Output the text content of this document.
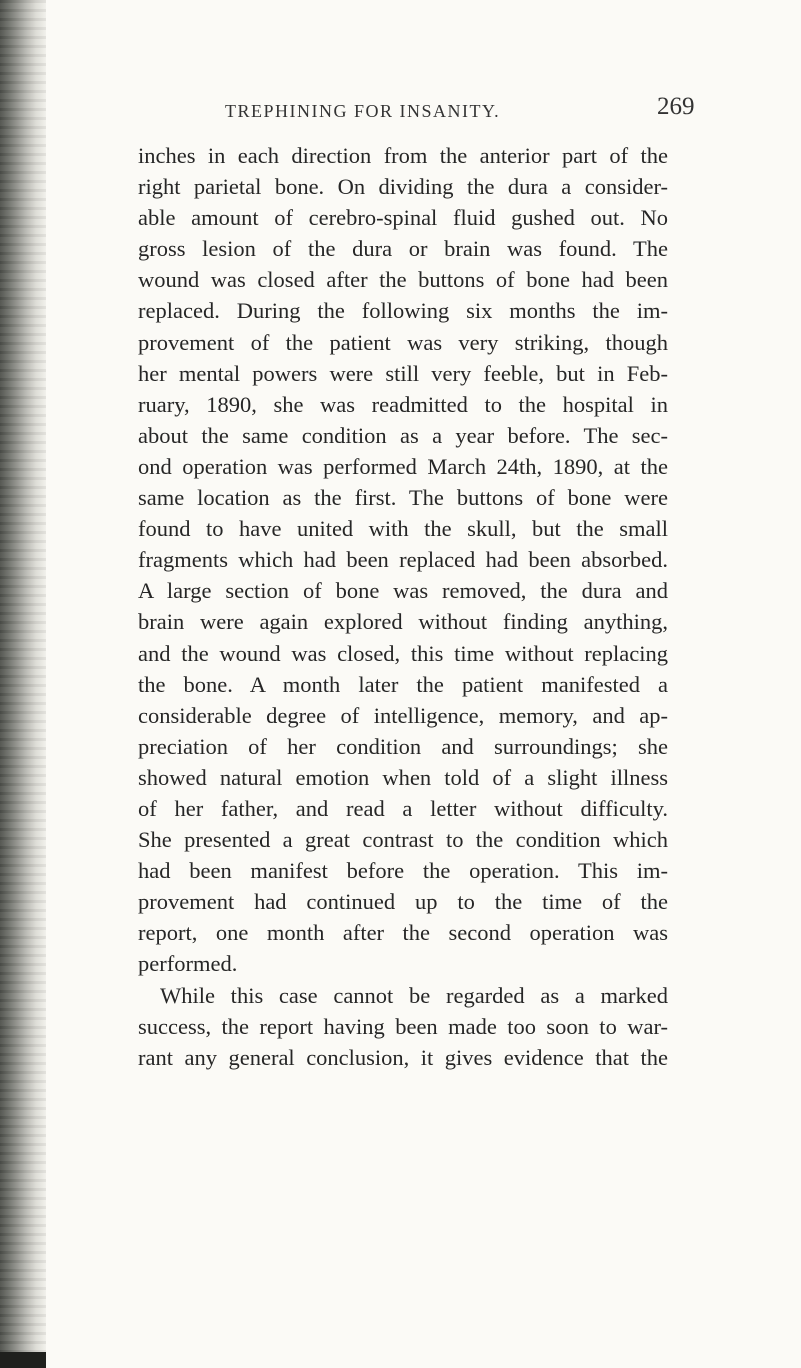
TREPHINING FOR INSANITY.	269
inches in each direction from the anterior part of the
right parietal bone. On dividing the dura a consider-
able amount of cerebro-spinal fluid gushed out. No
gross lesion of the dura or brain was found. The
wound was closed after the buttons of bone had been
replaced. During the following six months the im-
provement of the patient was very striking, though
her mental powers were still very feeble, but in Feb-
ruary, 1890, she was readmitted to the hospital in
about the same condition as a year before. The sec-
ond operation was performed March 24th, 1890, at the
same location as the first. The buttons of bone were
found to have united with the skull, but the small
fragments which had been replaced had been absorbed.
A large section of bone was removed, the dura and
brain were again explored without finding anything,
and the wound was closed, this time without replacing
the bone. A month later the patient manifested a
considerable degree of intelligence, memory, and ap-
preciation of her condition and surroundings; she
showed natural emotion when told of a slight illness
of her father, and read a letter without difficulty.
She presented a great contrast to the condition which
had been manifest before the operation. This im-
provement had continued up to the time of the
report, one month after the second operation was
performed.
While this case cannot be regarded as a marked
success, the report having been made too soon to war-
rant any general conclusion, it gives evidence that the
